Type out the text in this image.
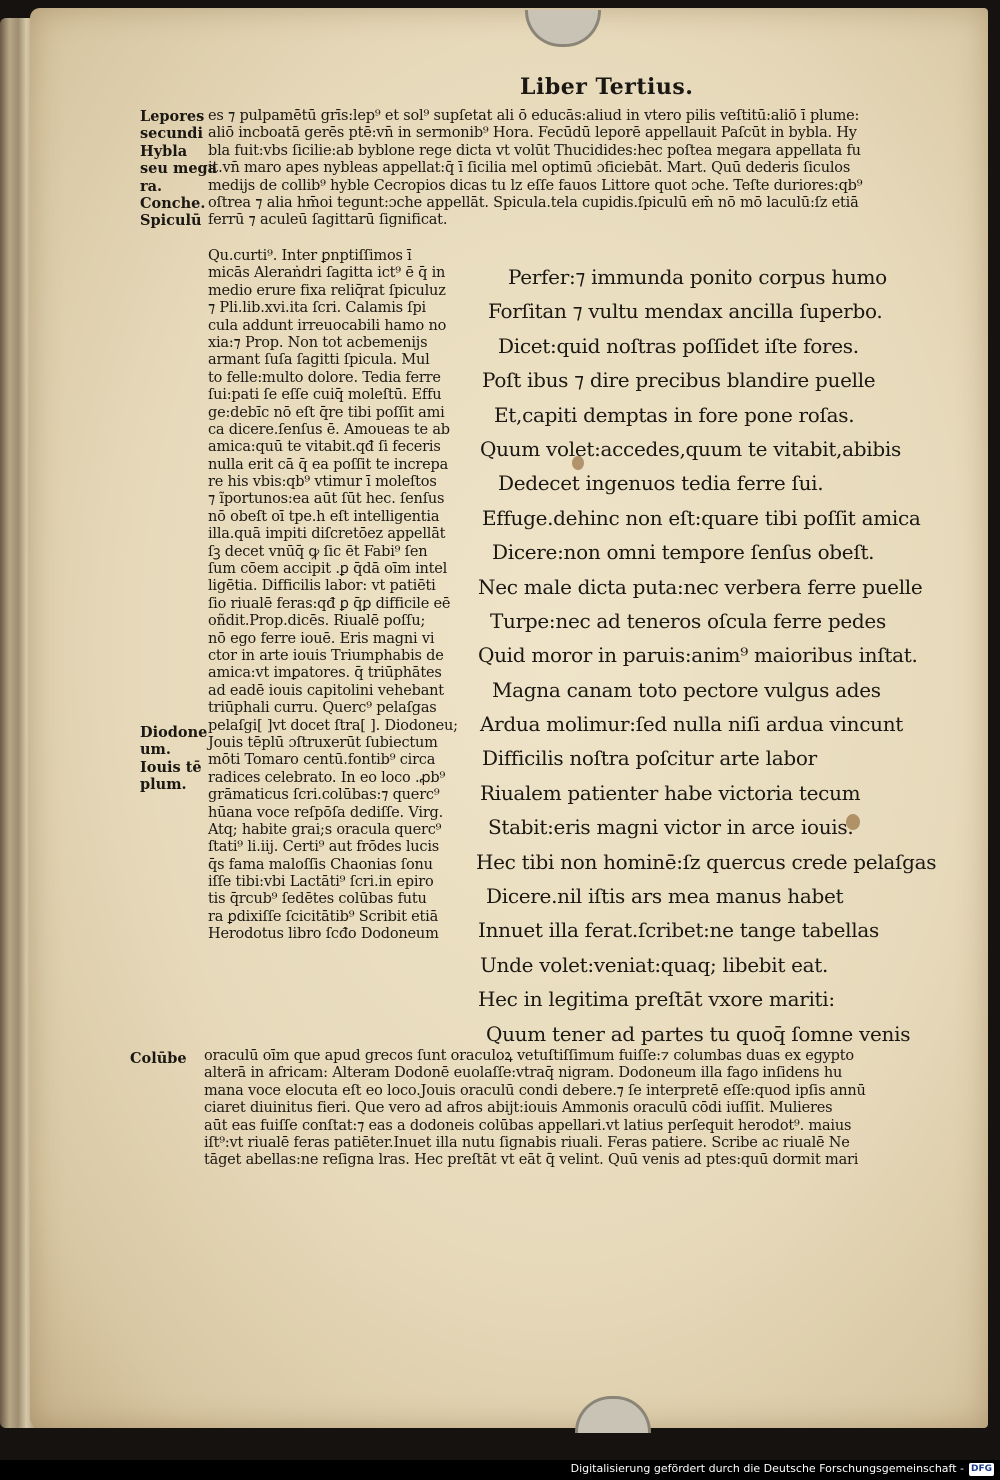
Liber Tertius.
Lepores
secundi
Hybla
seu mega
ra.
Conche.
Spiculū
Diodone
um.
Iouis tē
plum.
Colūbe
es ⁊ pulpamētū grīs:lep⁹ et sol⁹ supſetat ali ō educās:aliud in vtero pilis veſtitū:aliō ī plume:
aliō incboatā gerēs ptē:vn̄ in sermonib⁹ Hora. Fecūdū leporē appellauit Paſcūt in bybla. Hy
bla fuit:vbs ſicilie:ab byblone rege dicta vt volūt Thucidides:hec poſtea megara appellata fu
it.vn̄ maro apes nybleas appellat:q̄ ī ſicilia mel optimū ɔficiebāt. Mart. Quū dederis ſiculos
medijs de collib⁹ hyble Cecropios dicas tu lz eſſe fauos Littore quot ɔche. Teſte duriores:qb⁹
oſtrea ⁊ alia hm̄oi tegunt:ɔche appellāt. Spicula.tela cupidis.ſpiculū em̄ nō mō laculū:ſz etiā
ferrū ⁊ aculeū ſagittarū ſignificat.
Qu.curti⁹. Inter ꝑnptiſſimos ī
micās Aleraṅdri ſagitta ict⁹ ē q̄ in
medio erure fixa reliq̄rat ſpiculuz
⁊ Pli.lib.xvi.ita ſcri. Calamis ſpi
cula addunt irreuocabili hamo no
xia:⁊ Prop. Non tot acbemenijs
armant ſuſa ſagitti ſpicula. Mul
to felle:multo dolore. Tedia ferre
ſui:pati ſe eſſe cuiq̄ moleſtū. Effu
ge:debīc nō eſt q̄re tibi poſſit ami
ca dicere.ſenſus ē. Amoueas te ab
amica:quū te vitabit.qđ ſi feceris
nulla erit cā q̄ ea poſſit te increpa
re his vbis:qb⁹ vtimur ī moleſtos
⁊ ĩportunos:ea aūt ſūt hec. ſenſus
nō obeſt oī tpe.h eſt intelligentia
illa.quā impiti diſcretōez appellāt
ſꝫ decet vnūq̄ ꝙ ſic ēt Fabi⁹ ſen
ſum cōem accipit .ꝑ q̄dā oīm intel
ligētia. Difficilis labor: vt patiēti
ſio riualē feras:qđ ꝑ q̄ꝑ difficile eē
oñdit.Prop.dicēs. Riualē poſſu;
nō ego ferre iouē. Eris magni vi
ctor in arte iouis Triumphabis de
amica:vt imꝑatores. q̄ triūphātes
ad eadē iouis capitolini vehebant
triūphali curru. Querc⁹ pelaſgas
pelaſgi[ ]vt docet ſtra[ ]. Diodoneu;
Jouis tēplū ɔſtruxerūt ſubiectum
mōti Tomaro centū.fontib⁹ circa
radices celebrato. In eo loco .ꝓb⁹
grāmaticus ſcri.colūbas:⁊ querc⁹
hūana voce reſpōſa dediſſe. Virg.
Atq; habite grai;s oracula querc⁹
ſtati⁹ li.iij. Certi⁹ aut frōdes lucis
q̄s fama maloſſis Chaonias ſonu
iſſe tibi:vbi Lactāti⁹ ſcri.in epiro
tis q̄rcub⁹ ſedētes colūbas futu
ra ꝑdixiſſe ſcicitātib⁹ Scribit etiā
Herodotus libro ſcđo Dodoneum
Perfer:⁊ immunda ponito corpus humo
Forſitan ⁊ vultu mendax ancilla ſuperbo.
Dicet:quid noſtras poſſidet iſte fores.
Poſt ibus ⁊ dire precibus blandire puelle
Et,capiti demptas in fore pone roſas.
Quum volet:accedes,quum te vitabit,abibis
Dedecet ingenuos tedia ferre ſui.
Effuge.dehinc non eſt:quare tibi poſſit amica
Dicere:non omni tempore ſenſus obeſt.
Nec male dicta puta:nec verbera ferre puelle
Turpe:nec ad teneros oſcula ferre pedes
Quid moror in paruis:anim⁹ maioribus inſtat.
Magna canam toto pectore vulgus ades
Ardua molimur:ſed nulla niſi ardua vincunt
Difficilis noſtra poſcitur arte labor
Riualem patienter habe victoria tecum
Stabit:eris magni victor in arce iouis.
Hec tibi non hominē:ſz quercus crede pelaſgas
Dicere.nil iſtis ars mea manus habet
Innuet illa ferat.ſcribet:ne tange tabellas
Unde volet:veniat:quaq; libebit eat.
Hec in legitima preſtāt vxore mariti:
Quum tener ad partes tu quoq̄ ſomne venis
oraculū oīm que apud grecos ſunt oraculoꝝ vetuſtiſſimum fuiſſe:⁊ columbas duas ex egypto
alterā in africam: Alteram Dodonē euolaſſe:vtraq̄ nigram. Dodoneum illa fago inſidens hu
mana voce elocuta eſt eo loco.Jouis oraculū condi debere.⁊ ſe interpretē eſſe:quod ipſis annū
ciaret diuinitus fieri. Que vero ad afros abijt:iouis Ammonis oraculū cōdi iuſſit. Mulieres
aūt eas fuiſſe conſtat:⁊ eas a dodoneis colūbas appellari.vt latius perſequit herodot⁹. maius
iſt⁹:vt riualē feras patiēter.Inuet illa nutu ſignabis riuali. Feras patiere. Scribe ac riualē Ne
tāget abellas:ne reſigna lras. Hec preſtāt vt eāt q̄ velint. Quū venis ad ptes:quū dormit mari
Digitalisierung gefördert durch die Deutsche Forschungsgemeinschaft - DFG
